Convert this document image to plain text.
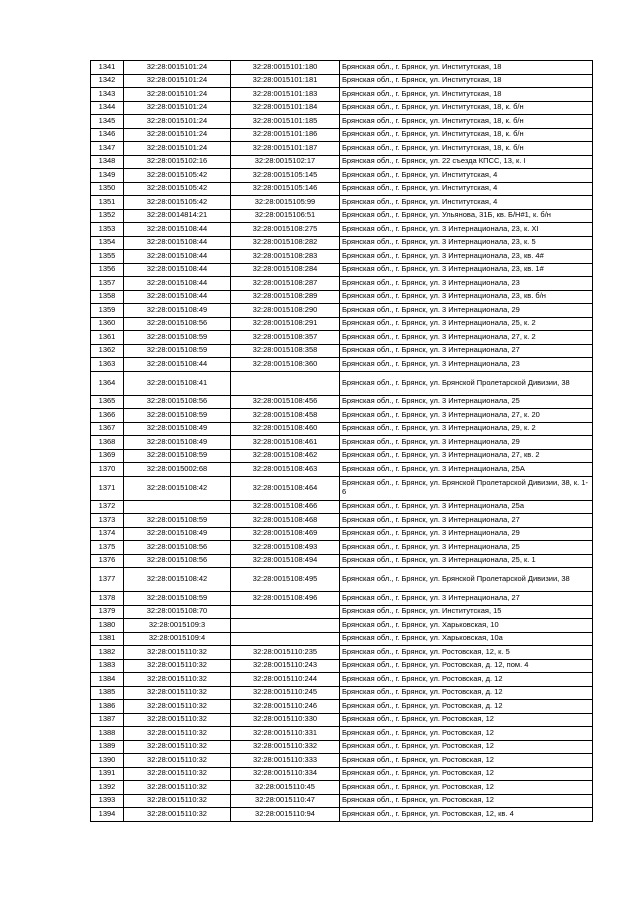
1341	32:28:0015101:24	32:28:0015101:180	Брянская обл., г. Брянск, ул. Институтская, 18
1342	32:28:0015101:24	32:28:0015101:181	Брянская обл., г. Брянск, ул. Институтская, 18
1343	32:28:0015101:24	32:28:0015101:183	Брянская обл., г. Брянск, ул. Институтская, 18
1344	32:28:0015101:24	32:28:0015101:184	Брянская обл., г. Брянск, ул. Институтская, 18, к. б/н
1345	32:28:0015101:24	32:28:0015101:185	Брянская обл., г. Брянск, ул. Институтская, 18, к. б/н
1346	32:28:0015101:24	32:28:0015101:186	Брянская обл., г. Брянск, ул. Институтская, 18, к. б/н
1347	32:28:0015101:24	32:28:0015101:187	Брянская обл., г. Брянск, ул. Институтская, 18, к. б/н
1348	32:28:0015102:16	32:28:0015102:17	Брянская обл., г. Брянск, ул. 22 съезда КПСС, 13, к. I
1349	32:28:0015105:42	32:28:0015105:145	Брянская обл., г. Брянск, ул. Институтская, 4
1350	32:28:0015105:42	32:28:0015105:146	Брянская обл., г. Брянск, ул. Институтская, 4
1351	32:28:0015105:42	32:28:0015105:99	Брянская обл., г. Брянск, ул. Институтская, 4
1352	32:28:0014814:21	32:28:0015106:51	Брянская обл., г. Брянск, ул. Ульянова, 31Б, кв. Б/Н#1, к. б/н
1353	32:28:0015108:44	32:28:0015108:275	Брянская обл., г. Брянск, ул. 3 Интернационала, 23, к. XI
1354	32:28:0015108:44	32:28:0015108:282	Брянская обл., г. Брянск, ул. 3 Интернационала, 23, к. 5
1355	32:28:0015108:44	32:28:0015108:283	Брянская обл., г. Брянск, ул. 3 Интернационала, 23, кв. 4#
1356	32:28:0015108:44	32:28:0015108:284	Брянская обл., г. Брянск, ул. 3 Интернационала, 23, кв. 1#
1357	32:28:0015108:44	32:28:0015108:287	Брянская обл., г. Брянск, ул. 3 Интернационала, 23
1358	32:28:0015108:44	32:28:0015108:289	Брянская обл., г. Брянск, ул. 3 Интернационала, 23, кв. б/н
1359	32:28:0015108:49	32:28:0015108:290	Брянская обл., г. Брянск, ул. 3 Интернационала, 29
1360	32:28:0015108:56	32:28:0015108:291	Брянская обл., г. Брянск, ул. 3 Интернационала, 25, к. 2
1361	32:28:0015108:59	32:28:0015108:357	Брянская обл., г. Брянск, ул. 3 Интернационала, 27, к. 2
1362	32:28:0015108:59	32:28:0015108:358	Брянская обл., г. Брянск, ул. 3 Интернационала, 27
1363	32:28:0015108:44	32:28:0015108:360	Брянская обл., г. Брянск, ул. 3 Интернационала, 23
1364	32:28:0015108:41		Брянская обл., г. Брянск, ул. Брянской Пролетарской Дивизии, 38
1365	32:28:0015108:56	32:28:0015108:456	Брянская обл., г. Брянск, ул. 3 Интернационала, 25
1366	32:28:0015108:59	32:28:0015108:458	Брянская обл., г. Брянск, ул. 3 Интернационала, 27, к. 20
1367	32:28:0015108:49	32:28:0015108:460	Брянская обл., г. Брянск, ул. 3 Интернационала, 29, к. 2
1368	32:28:0015108:49	32:28:0015108:461	Брянская обл., г. Брянск, ул. 3 Интернационала, 29
1369	32:28:0015108:59	32:28:0015108:462	Брянская обл., г. Брянск, ул. 3 Интернационала, 27, кв. 2
1370	32:28:0015002:68	32:28:0015108:463	Брянская обл., г. Брянск, ул. 3 Интернационала, 25А
1371	32:28:0015108:42	32:28:0015108:464	Брянская обл., г. Брянск, ул. Брянской Пролетарской Дивизии, 38, к. 1-6
1372		32:28:0015108:466	Брянская обл., г. Брянск, ул. 3 Интернационала, 25а
1373	32:28:0015108:59	32:28:0015108:468	Брянская обл., г. Брянск, ул. 3 Интернационала, 27
1374	32:28:0015108:49	32:28:0015108:469	Брянская обл., г. Брянск, ул. 3 Интернационала, 29
1375	32:28:0015108:56	32:28:0015108:493	Брянская обл., г. Брянск, ул. 3 Интернационала, 25
1376	32:28:0015108:56	32:28:0015108:494	Брянская обл., г. Брянск, ул. 3 Интернационала, 25, к. 1
1377	32:28:0015108:42	32:28:0015108:495	Брянская обл., г. Брянск, ул. Брянской Пролетарской Дивизии, 38
1378	32:28:0015108:59	32:28:0015108:496	Брянская обл., г. Брянск, ул. 3 Интернационала, 27
1379	32:28:0015108:70		Брянская обл., г. Брянск, ул. Институтская, 15
1380	32:28:0015109:3		Брянская обл., г. Брянск, ул. Харьковская, 10
1381	32:28:0015109:4		Брянская обл., г. Брянск, ул. Харьковская, 10а
1382	32:28:0015110:32	32:28:0015110:235	Брянская обл., г. Брянск, ул. Ростовская, 12, к. 5
1383	32:28:0015110:32	32:28:0015110:243	Брянская обл., г. Брянск, ул. Ростовская, д. 12, пом. 4
1384	32:28:0015110:32	32:28:0015110:244	Брянская обл., г. Брянск, ул. Ростовская, д. 12
1385	32:28:0015110:32	32:28:0015110:245	Брянская обл., г. Брянск, ул. Ростовская, д. 12
1386	32:28:0015110:32	32:28:0015110:246	Брянская обл., г. Брянск, ул. Ростовская, д. 12
1387	32:28:0015110:32	32:28:0015110:330	Брянская обл., г. Брянск, ул. Ростовская, 12
1388	32:28:0015110:32	32:28:0015110:331	Брянская обл., г. Брянск, ул. Ростовская, 12
1389	32:28:0015110:32	32:28:0015110:332	Брянская обл., г. Брянск, ул. Ростовская, 12
1390	32:28:0015110:32	32:28:0015110:333	Брянская обл., г. Брянск, ул. Ростовская, 12
1391	32:28:0015110:32	32:28:0015110:334	Брянская обл., г. Брянск, ул. Ростовская, 12
1392	32:28:0015110:32	32:28:0015110:45	Брянская обл., г. Брянск, ул. Ростовская, 12
1393	32:28:0015110:32	32:28:0015110:47	Брянская обл., г. Брянск, ул. Ростовская, 12
1394	32:28:0015110:32	32:28:0015110:94	Брянская обл., г. Брянск, ул. Ростовская, 12, кв. 4
